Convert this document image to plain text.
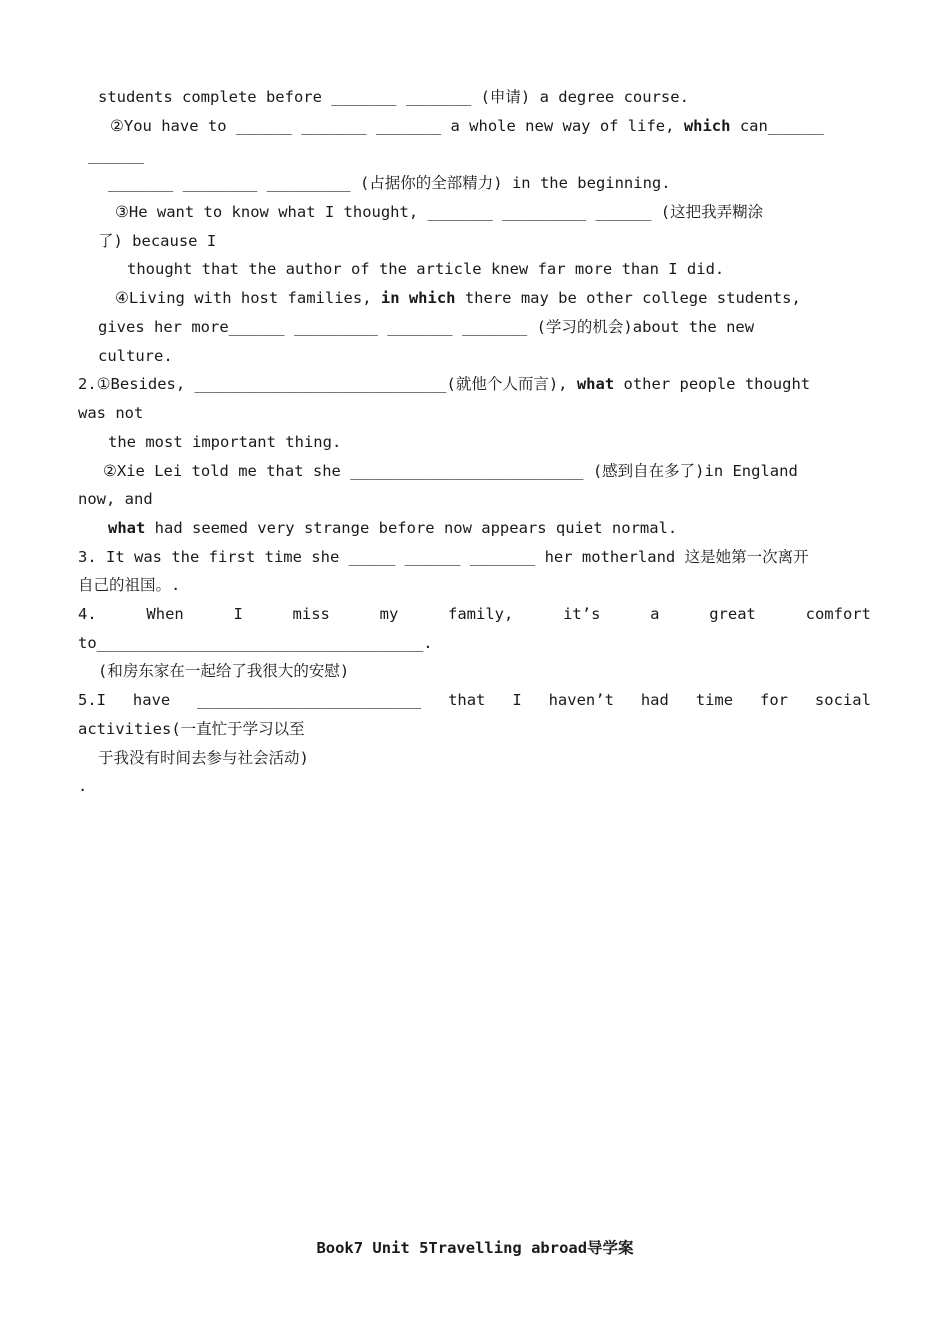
students complete before _______ _______ (申请) a degree course.
②You have to ______ _______ _______ a whole new way of life, which can______
______
_______ ________ _________ (占据你的全部精力) in the beginning.
③He want to know what I thought, _______ _________ ______ (这把我弄糊涂
了) because I
thought that the author of the article knew far more than I did.
④Living with host families, in which there may be other college students,
gives her more______ _________ _______ _______ (学习的机会)about the new
culture.
2.①Besides, ___________________________(就他个人而言), what other people thought
was not
the most important thing.
②Xie Lei told me that she _________________________ (感到自在多了)in England
now, and
what had seemed very strange before now appears quiet normal.
3. It was the first time she _____ ______ _______ her motherland 这是她第一次离开
自己的祖国。.
4.	When	I	miss	my	family,	it’s	a	great	comfort
to___________________________________.
(和房东家在一起给了我很大的安慰)
5.I have ________________________ that I haven’t had time for social
activities(一直忙于学习以至
于我没有时间去参与社会活动)
.
Book7 Unit 5Travelling abroad导学案
